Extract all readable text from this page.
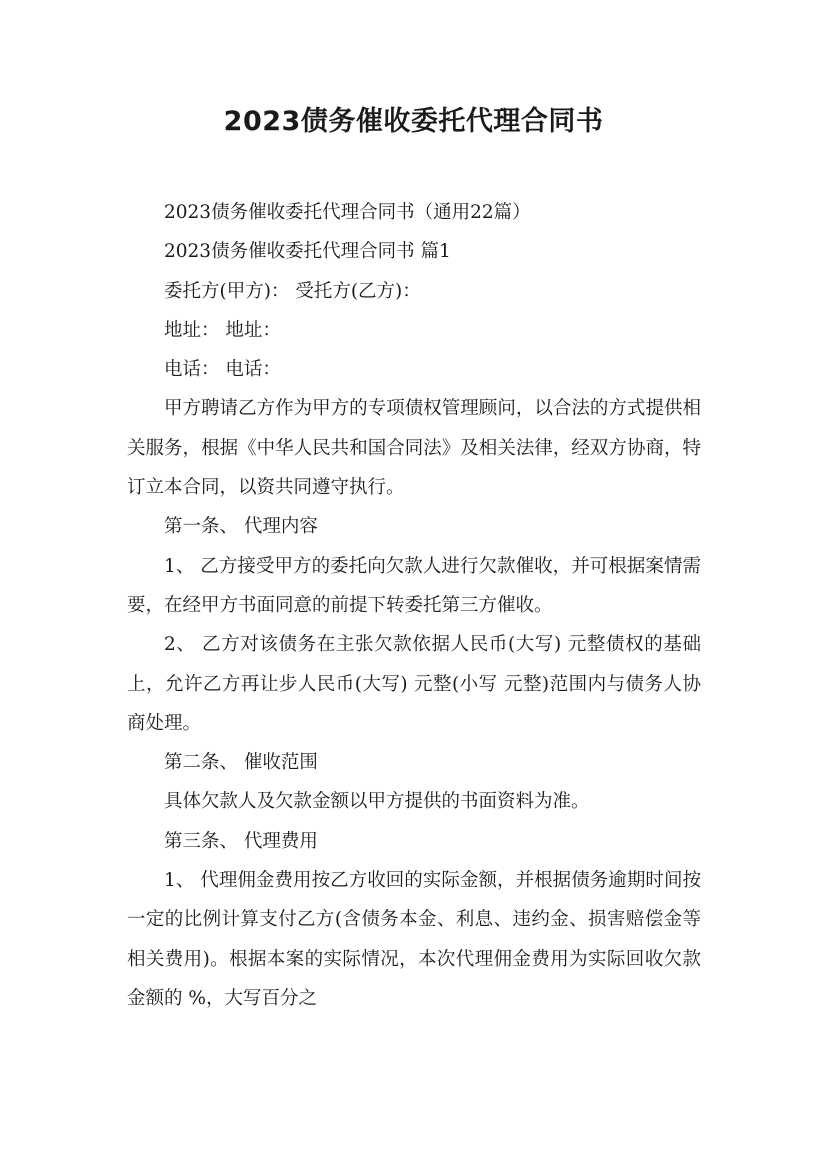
2023债务催收委托代理合同书

2023债务催收委托代理合同书（通用22篇）

2023债务催收委托代理合同书 篇1

委托方(甲方)： 受托方(乙方)：

地址： 地址：

电话： 电话：

甲方聘请乙方作为甲方的专项债权管理顾问，以合法的方式提供相关服务，根据《中华人民共和国合同法》及相关法律，经双方协商，特订立本合同，以资共同遵守执行。

第一条、 代理内容

1、 乙方接受甲方的委托向欠款人进行欠款催收，并可根据案情需要，在经甲方书面同意的前提下转委托第三方催收。

2、 乙方对该债务在主张欠款依据人民币(大写) 元整债权的基础上，允许乙方再让步人民币(大写) 元整(小写 元整)范围内与债务人协商处理。

第二条、 催收范围

具体欠款人及欠款金额以甲方提供的书面资料为准。

第三条、 代理费用

1、 代理佣金费用按乙方收回的实际金额，并根据债务逾期时间按一定的比例计算支付乙方(含债务本金、利息、违约金、损害赔偿金等相关费用)。根据本案的实际情况，本次代理佣金费用为实际回收欠款金额的 %，大写百分之
